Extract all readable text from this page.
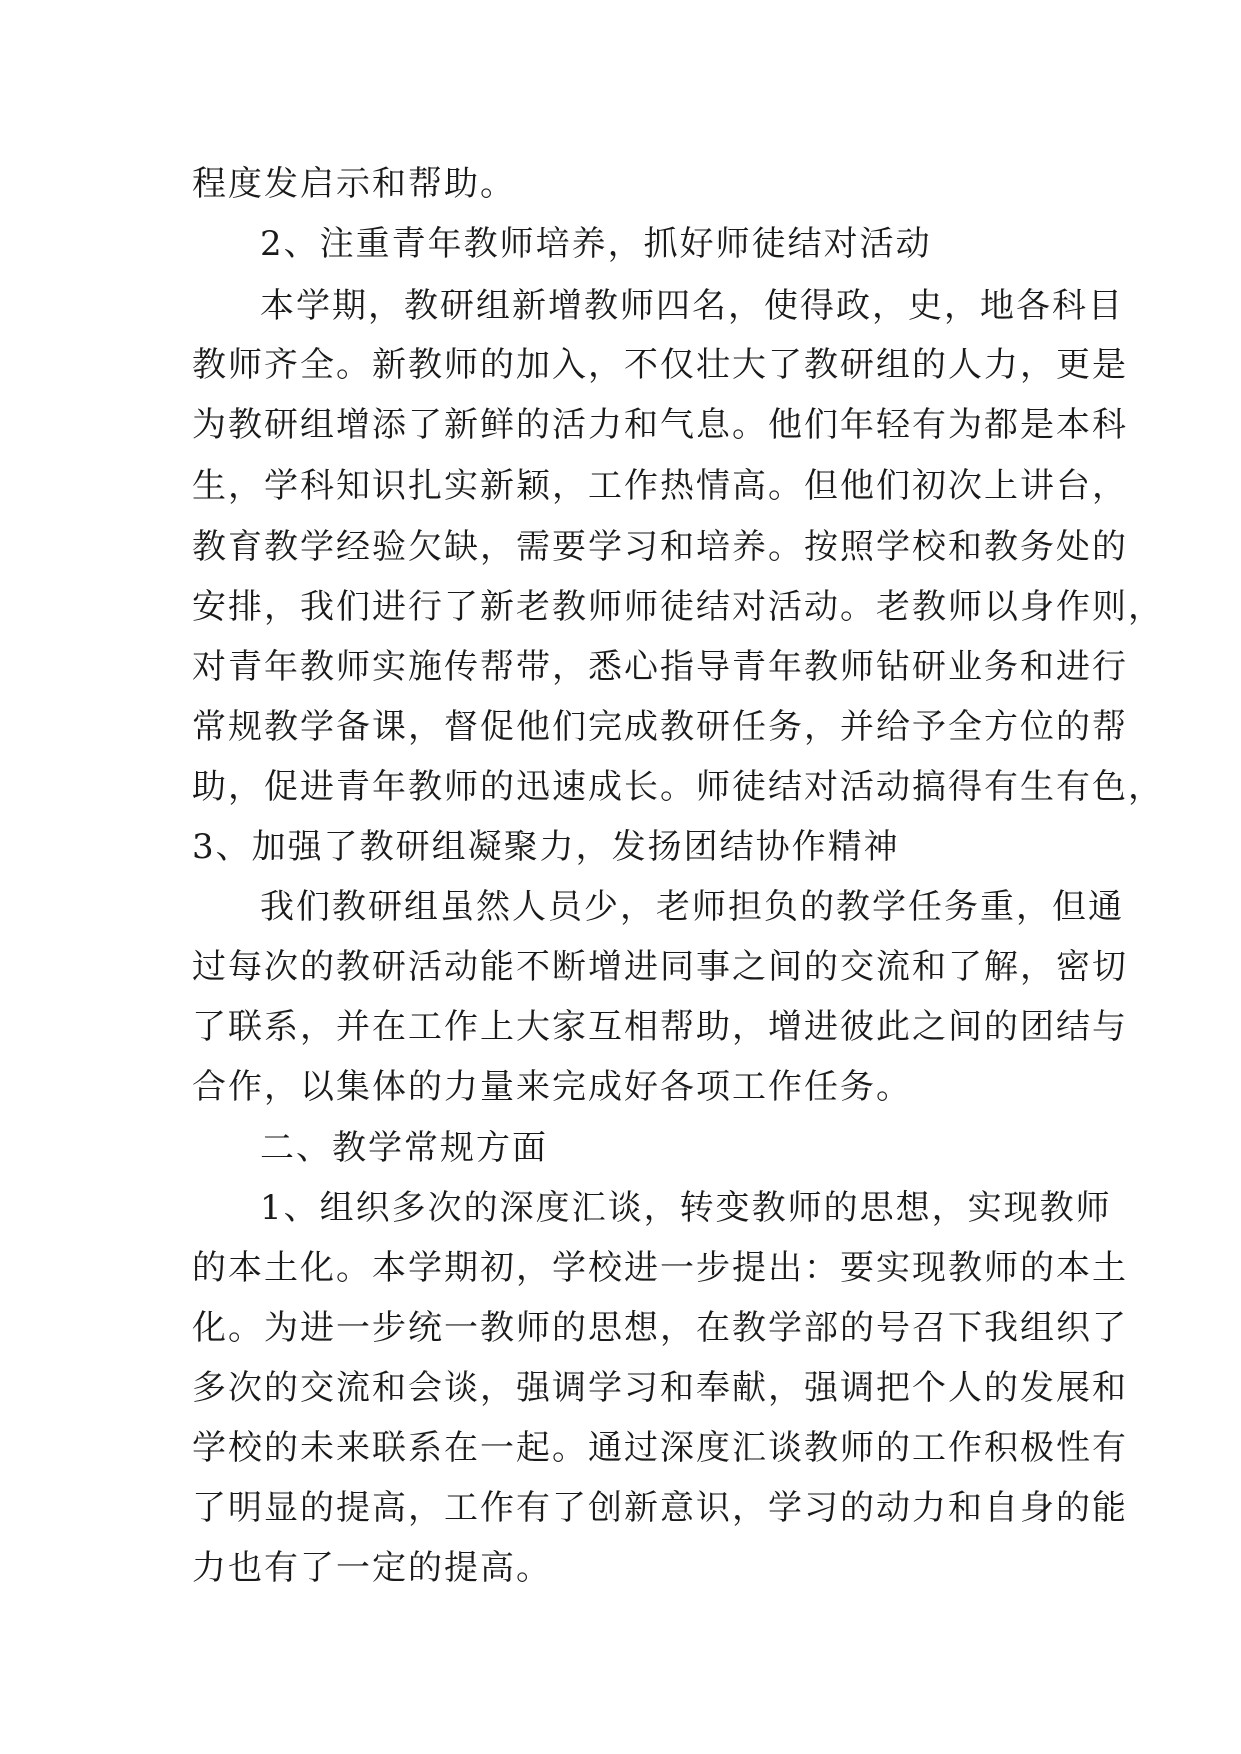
程度发启示和帮助。
2、注重青年教师培养，抓好师徒结对活动
本学期，教研组新增教师四名，使得政，史，地各科目
教师齐全。新教师的加入，不仅壮大了教研组的人力，更是
为教研组增添了新鲜的活力和气息。他们年轻有为都是本科
生，学科知识扎实新颖，工作热情高。但他们初次上讲台，
教育教学经验欠缺，需要学习和培养。按照学校和教务处的
安排，我们进行了新老教师师徒结对活动。老教师以身作则，
对青年教师实施传帮带，悉心指导青年教师钻研业务和进行
常规教学备课，督促他们完成教研任务，并给予全方位的帮
助，促进青年教师的迅速成长。师徒结对活动搞得有生有色，
3、加强了教研组凝聚力，发扬团结协作精神
我们教研组虽然人员少，老师担负的教学任务重，但通
过每次的教研活动能不断增进同事之间的交流和了解，密切
了联系，并在工作上大家互相帮助，增进彼此之间的团结与
合作，以集体的力量来完成好各项工作任务。
二、教学常规方面
1、组织多次的深度汇谈，转变教师的思想，实现教师
的本土化。本学期初，学校进一步提出：要实现教师的本土
化。为进一步统一教师的思想，在教学部的号召下我组织了
多次的交流和会谈，强调学习和奉献，强调把个人的发展和
学校的未来联系在一起。通过深度汇谈教师的工作积极性有
了明显的提高，工作有了创新意识，学习的动力和自身的能
力也有了一定的提高。
